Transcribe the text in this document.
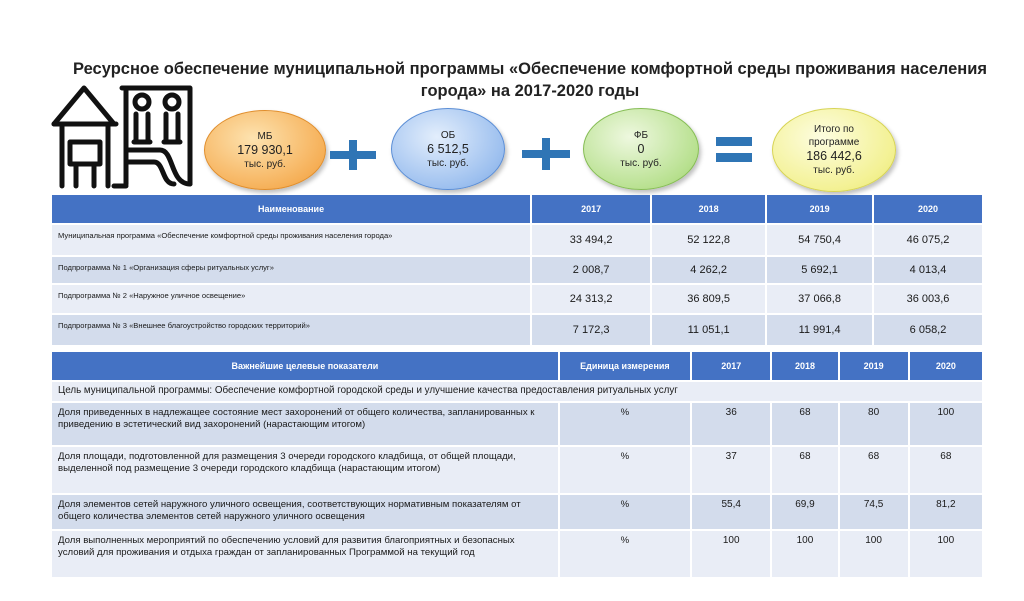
Ресурсное обеспечение муниципальной программы «Обеспечение комфортной среды проживания населения
города» на 2017-2020 годы
МБ
179 930,1
тыс. руб.
ОБ
6 512,5
тыс. руб.
ФБ
0
тыс. руб.
Итого по
программе
186 442,6
тыс. руб.
Наименование	2017	2018	2019	2020
Муниципальная программа «Обеспечение комфортной среды проживания населения города»	33 494,2	52 122,8	54 750,4	46 075,2
Подпрограмма № 1 «Организация сферы ритуальных услуг»	2 008,7	4 262,2	5 692,1	4 013,4
Подпрограмма № 2 «Наружное уличное освещение»	24 313,2	36 809,5	37 066,8	36 003,6
Подпрограмма № 3 «Внешнее благоустройство городских территорий»	7 172,3	11 051,1	11 991,4	6 058,2
Важнейшие целевые показатели	Единица измерения	2017	2018	2019	2020
Цель муниципальной программы: Обеспечение комфортной городской среды и улучшение качества предоставления ритуальных услуг					
Доля приведенных в надлежащее состояние мест захоронений от общего количества, запланированных к приведению в эстетический вид захоронений (нарастающим итогом)	%	36	68	80	100
Доля площади, подготовленной для размещения 3 очереди городского кладбища, от общей площади, выделенной под размещение 3 очереди городского кладбища (нарастающим итогом)	%	37	68	68	68
Доля элементов сетей наружного уличного освещения, соответствующих нормативным показателям от общего количества элементов сетей наружного уличного освещения	%	55,4	69,9	74,5	81,2
Доля выполненных мероприятий по обеспечению условий для развития благоприятных и безопасных условий для проживания и отдыха граждан от запланированных Программой на текущий год	%	100	100	100	100
